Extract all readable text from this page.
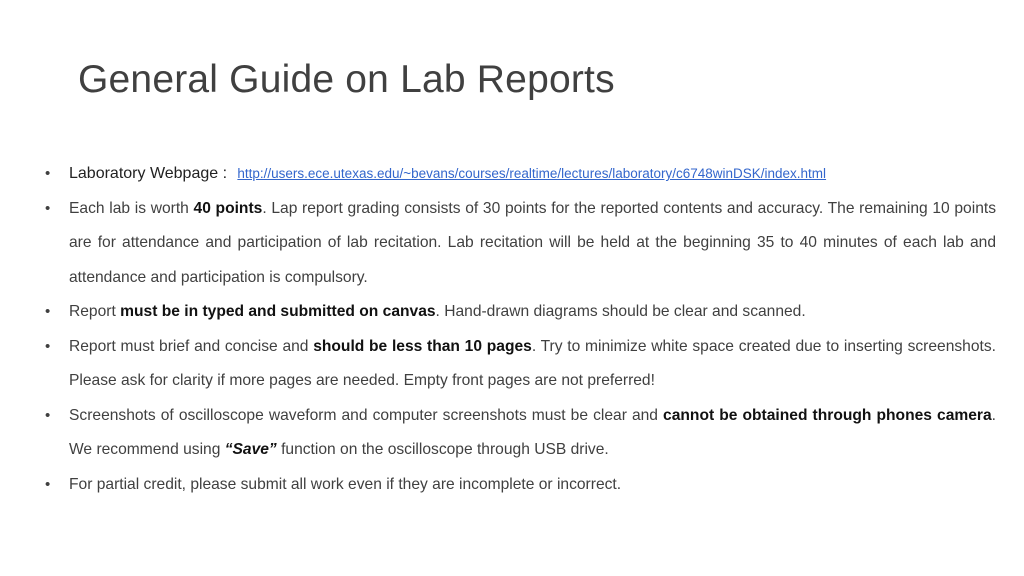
General Guide on Lab Reports
• Laboratory Webpage : http://users.ece.utexas.edu/~bevans/courses/realtime/lectures/laboratory/c6748winDSK/index.html
• Each lab is worth 40 points. Lap report grading consists of 30 points for the reported contents and accuracy. The remaining 10 points are for attendance and participation of lab recitation. Lab recitation will be held at the beginning 35 to 40 minutes of each lab and attendance and participation is compulsory.
• Report must be in typed and submitted on canvas. Hand-drawn diagrams should be clear and scanned.
• Report must brief and concise and should be less than 10 pages. Try to minimize white space created due to inserting screenshots. Please ask for clarity if more pages are needed. Empty front pages are not preferred!
• Screenshots of oscilloscope waveform and computer screenshots must be clear and cannot be obtained through phones camera. We recommend using “Save” function on the oscilloscope through USB drive.
• For partial credit, please submit all work even if they are incomplete or incorrect.
